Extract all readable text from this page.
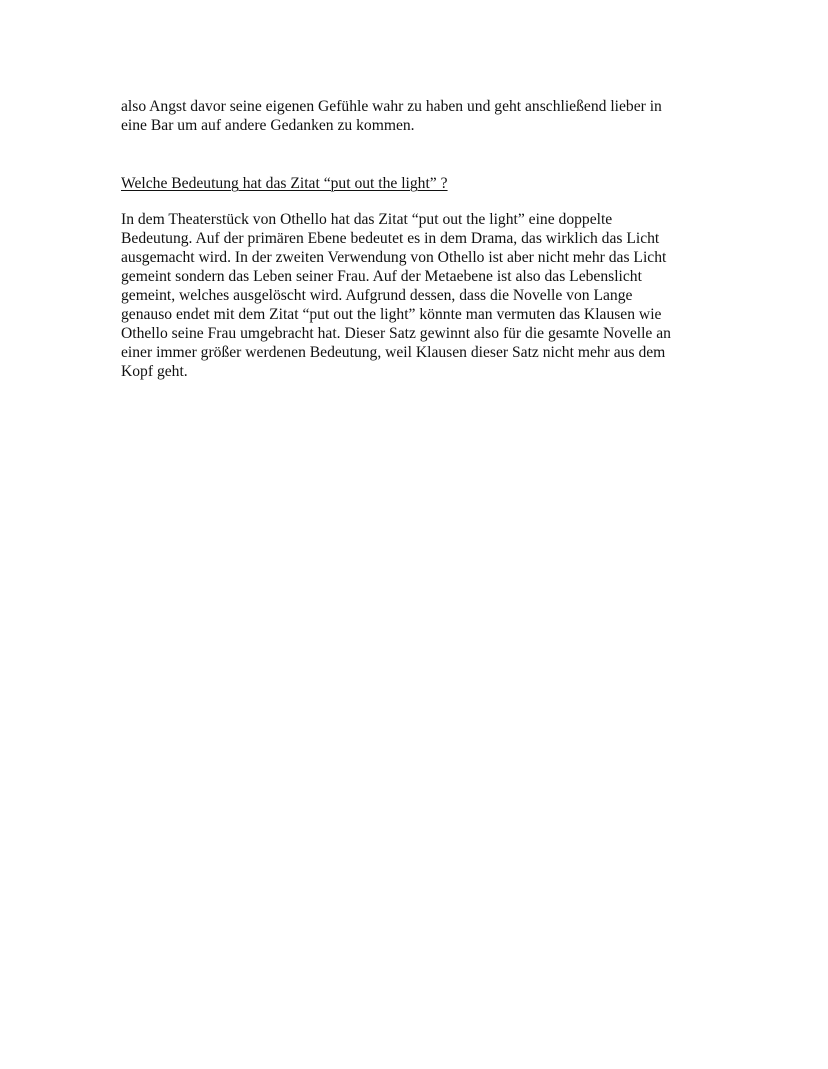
also Angst davor seine eigenen Gefühle wahr zu haben und geht anschließend lieber in
eine Bar um auf andere Gedanken zu kommen.

Welche Bedeutung hat das Zitat “put out the light” ?

In dem Theaterstück von Othello hat das Zitat “put out the light” eine doppelte
Bedeutung. Auf der primären Ebene bedeutet es in dem Drama, das wirklich das Licht
ausgemacht wird. In der zweiten Verwendung von Othello ist aber nicht mehr das Licht
gemeint sondern das Leben seiner Frau. Auf der Metaebene ist also das Lebenslicht
gemeint, welches ausgelöscht wird. Aufgrund dessen, dass die Novelle von Lange
genauso endet mit dem Zitat “put out the light” könnte man vermuten das Klausen wie
Othello seine Frau umgebracht hat. Dieser Satz gewinnt also für die gesamte Novelle an
einer immer größer werdenen Bedeutung, weil Klausen dieser Satz nicht mehr aus dem
Kopf geht.
